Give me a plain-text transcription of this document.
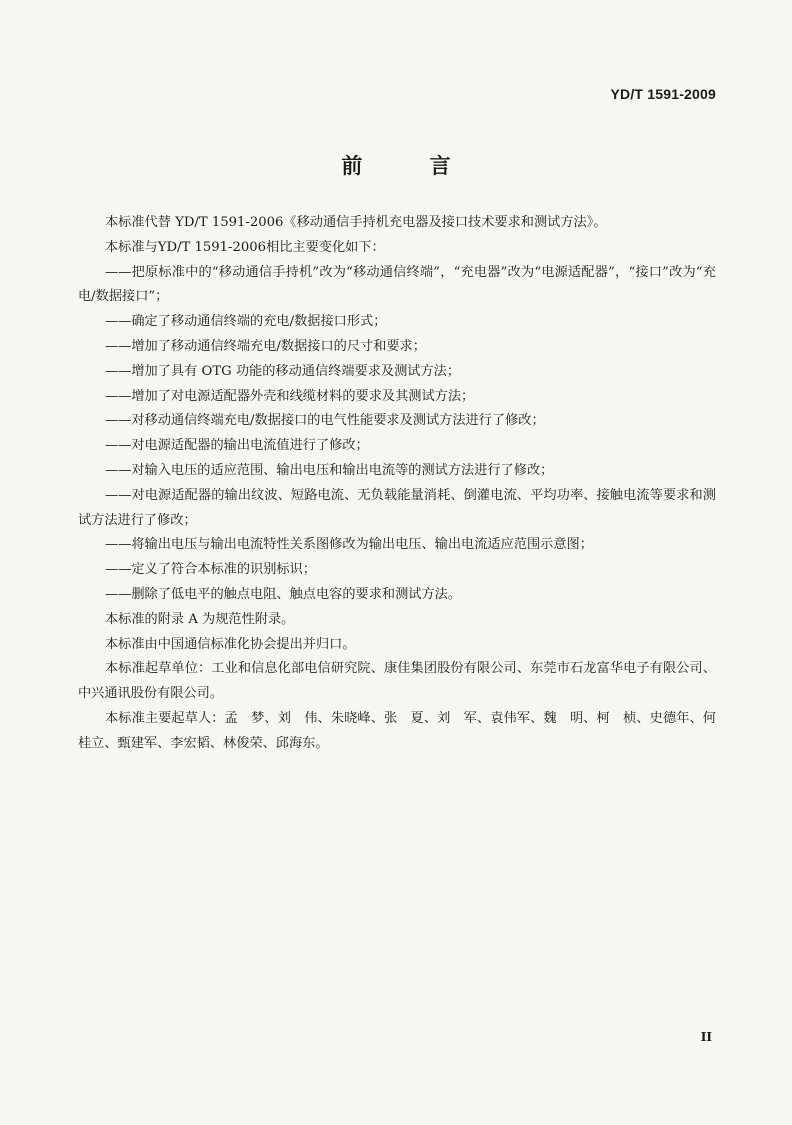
YD/T 1591-2009
前 言

本标准代替 YD/T 1591-2006《移动通信手持机充电器及接口技术要求和测试方法》。

本标准与YD/T 1591-2006相比主要变化如下：

——把原标准中的“移动通信手持机”改为“移动通信终端”，“充电器”改为“电源适配器”，“接口”改为“充电/数据接口”；

——确定了移动通信终端的充电/数据接口形式；

——增加了移动通信终端充电/数据接口的尺寸和要求；

——增加了具有 OTG 功能的移动通信终端要求及测试方法；

——增加了对电源适配器外壳和线缆材料的要求及其测试方法；

——对移动通信终端充电/数据接口的电气性能要求及测试方法进行了修改；

——对电源适配器的输出电流值进行了修改；

——对输入电压的适应范围、输出电压和输出电流等的测试方法进行了修改；

——对电源适配器的输出纹波、短路电流、无负载能量消耗、倒灌电流、平均功率、接触电流等要求和测试方法进行了修改；

——将输出电压与输出电流特性关系图修改为输出电压、输出电流适应范围示意图；

——定义了符合本标准的识别标识；

——删除了低电平的触点电阻、触点电容的要求和测试方法。

本标准的附录 A 为规范性附录。

本标准由中国通信标准化协会提出并归口。

本标准起草单位：工业和信息化部电信研究院、康佳集团股份有限公司、东莞市石龙富华电子有限公司、中兴通讯股份有限公司。

本标准主要起草人：孟　梦、刘　伟、朱晓峰、张　夏、刘　军、袁伟军、魏　明、柯　桢、史德年、何桂立、甄建军、李宏韬、林俊荣、邱海东。

II
